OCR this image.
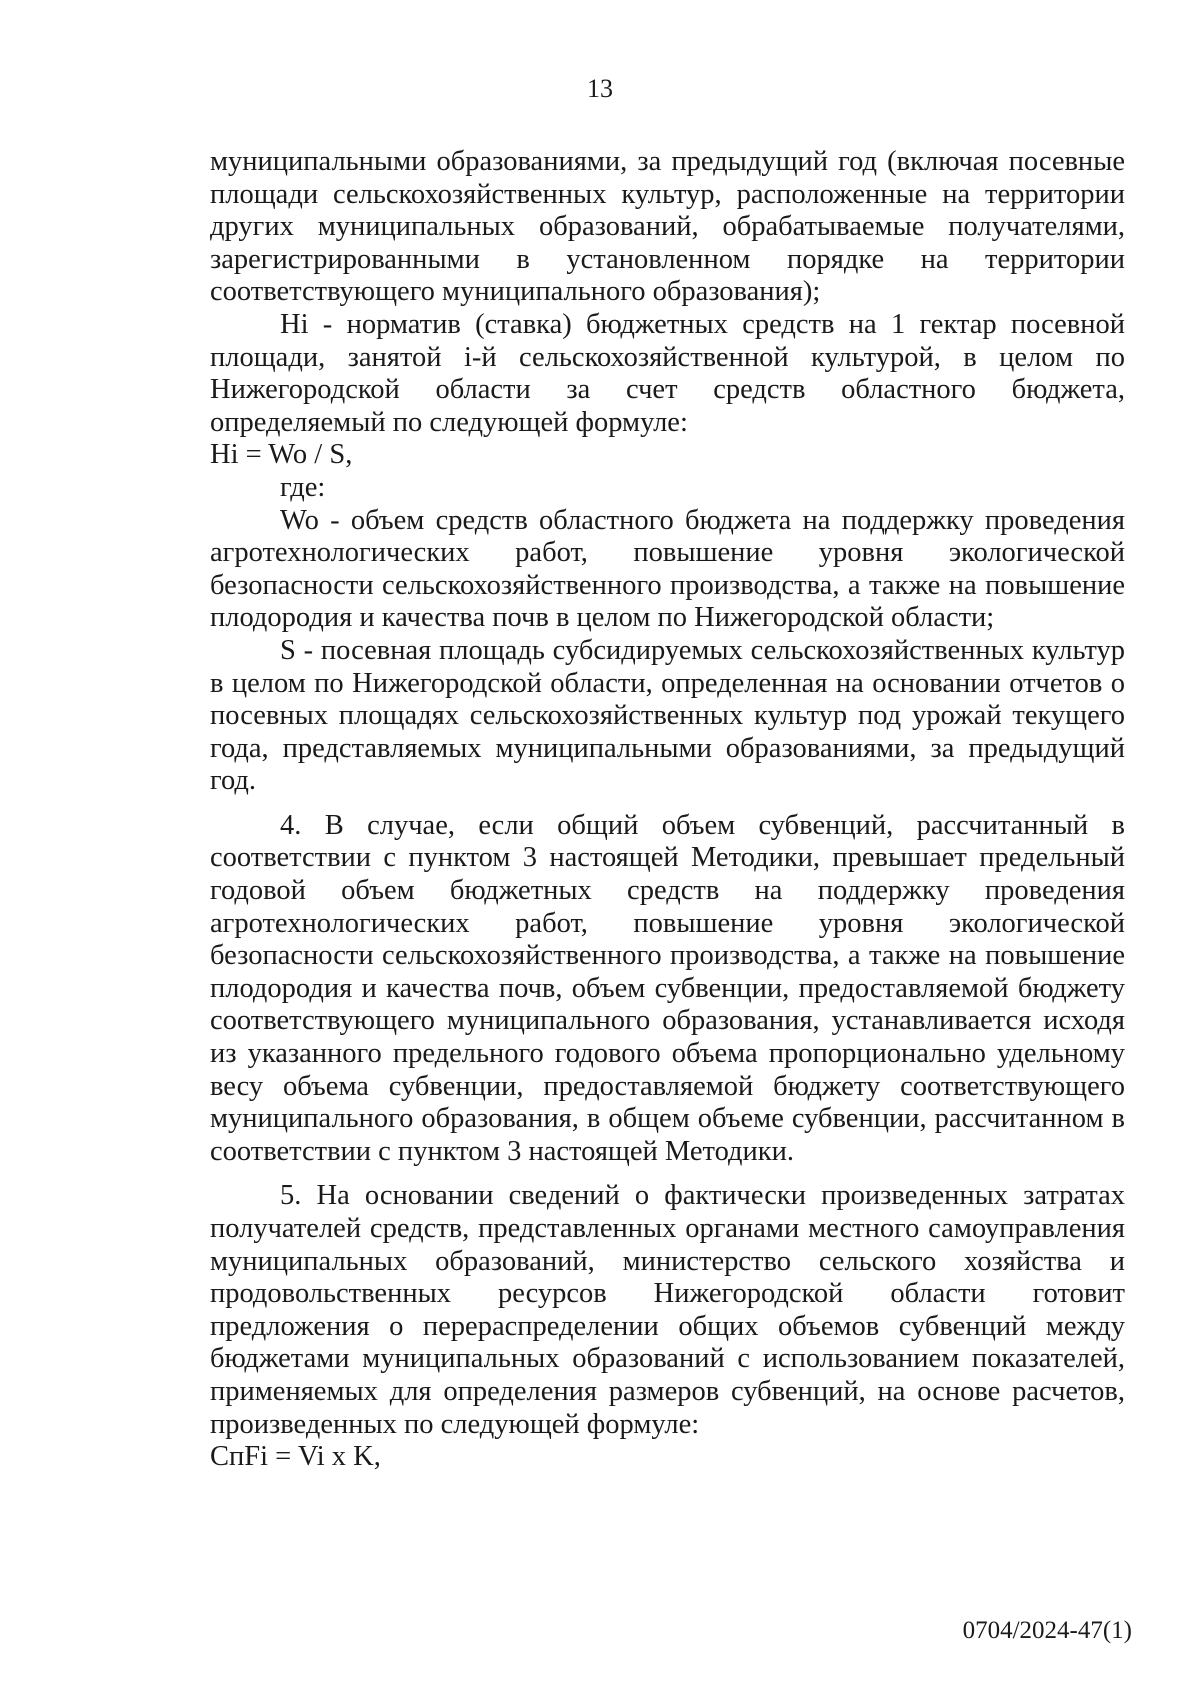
13

муниципальными образованиями, за предыдущий год (включая посевные площади сельскохозяйственных культур, расположенные на территории других муниципальных образований, обрабатываемые получателями, зарегистрированными в установленном порядке на территории соответствующего муниципального образования);

Нi - норматив (ставка) бюджетных средств на 1 гектар посевной площади, занятой i-й сельскохозяйственной культурой, в целом по Нижегородской области за счет средств областного бюджета, определяемый по следующей формуле:

Нi = Wo / S,

где:

Wo - объем средств областного бюджета на поддержку проведения агротехнологических работ, повышение уровня экологической безопасности сельскохозяйственного производства, а также на повышение плодородия и качества почв в целом по Нижегородской области;

S - посевная площадь субсидируемых сельскохозяйственных культур в целом по Нижегородской области, определенная на основании отчетов о посевных площадях сельскохозяйственных культур под урожай текущего года, представляемых муниципальными образованиями, за предыдущий год.

4. В случае, если общий объем субвенций, рассчитанный в соответствии с пунктом 3 настоящей Методики, превышает предельный годовой объем бюджетных средств на поддержку проведения агротехнологических работ, повышение уровня экологической безопасности сельскохозяйственного производства, а также на повышение плодородия и качества почв, объем субвенции, предоставляемой бюджету соответствующего муниципального образования, устанавливается исходя из указанного предельного годового объема пропорционально удельному весу объема субвенции, предоставляемой бюджету соответствующего муниципального образования, в общем объеме субвенции, рассчитанном в соответствии с пунктом 3 настоящей Методики.

5. На основании сведений о фактически произведенных затратах получателей средств, представленных органами местного самоуправления муниципальных образований, министерство сельского хозяйства и продовольственных ресурсов Нижегородской области готовит предложения о перераспределении общих объемов субвенций между бюджетами муниципальных образований с использованием показателей, применяемых для определения размеров субвенций, на основе расчетов, произведенных по следующей формуле:

СпFi = Vi x K,

0704/2024-47(1)
